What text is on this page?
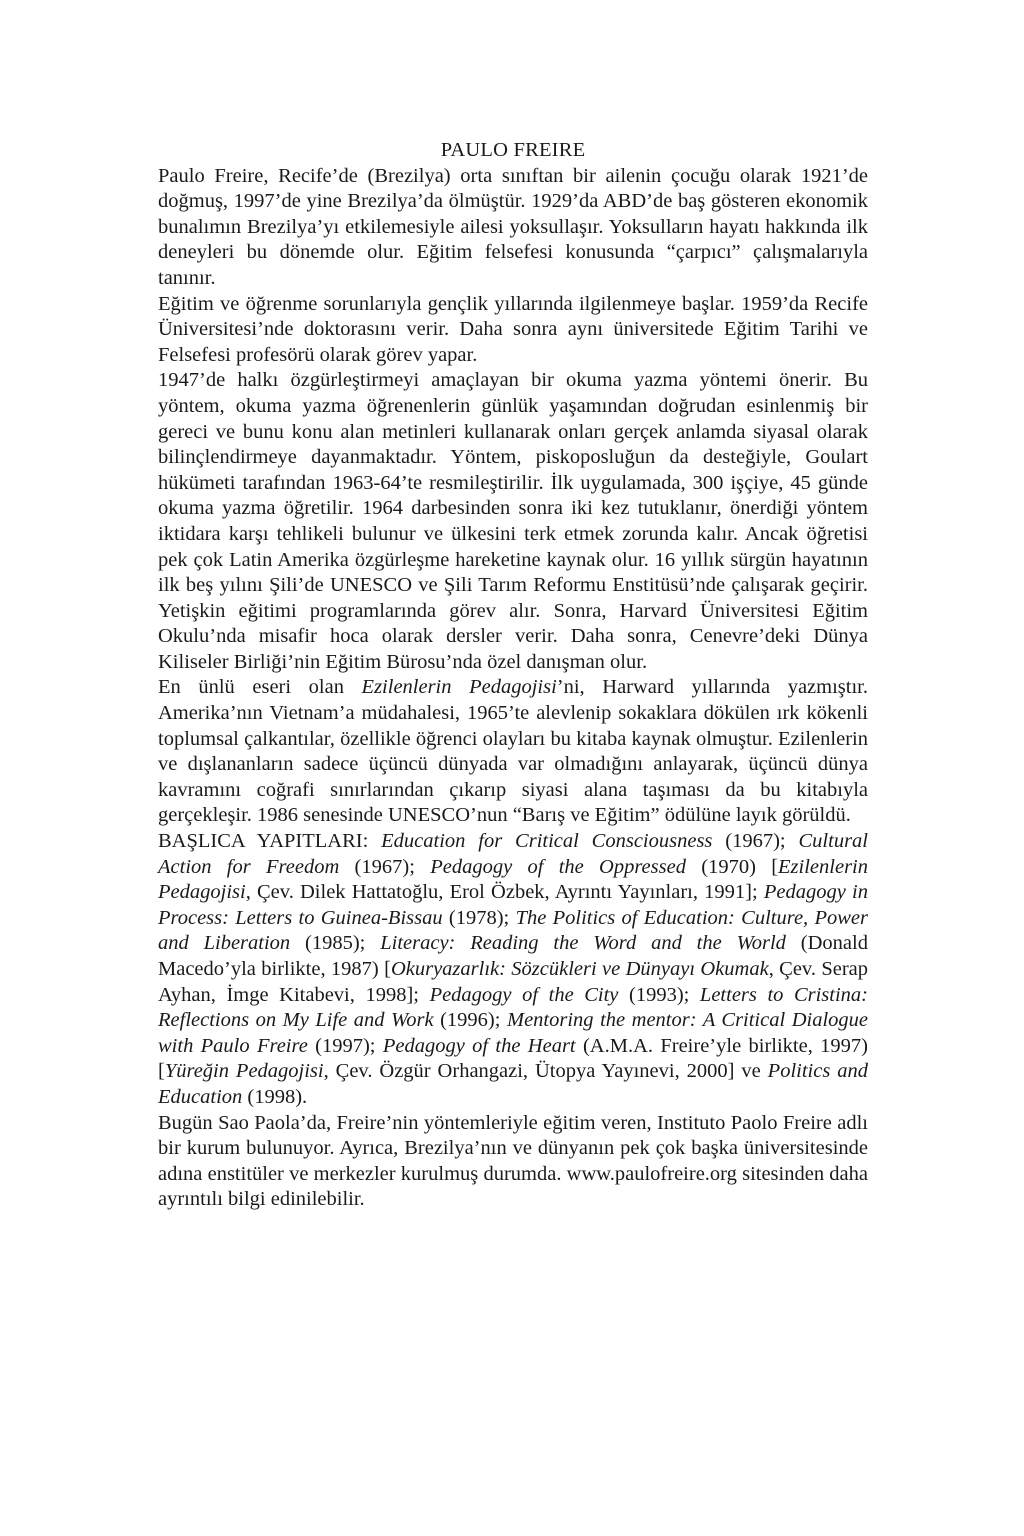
PAULO FREIRE

Paulo Freire, Recife’de (Brezilya) orta sınıftan bir ailenin çocuğu olarak 1921’de doğmuş, 1997’de yine Brezilya’da ölmüştür. 1929’da ABD’de baş gösteren ekonomik bunalımın Brezilya’yı etkilemesiyle ailesi yoksullaşır. Yoksulların hayatı hakkında ilk deneyleri bu dönemde olur. Eğitim felsefesi konusunda “çarpıcı” çalışmalarıyla tanınır.

Eğitim ve öğrenme sorunlarıyla gençlik yıllarında ilgilenmeye başlar. 1959’da Recife Üniversitesi’nde doktorasını verir. Daha sonra aynı üniversitede Eğitim Tarihi ve Felsefesi profesörü olarak görev yapar.

1947’de halkı özgürleştirmeyi amaçlayan bir okuma yazma yöntemi önerir. Bu yöntem, okuma yazma öğrenenlerin günlük yaşamından doğrudan esinlenmiş bir gereci ve bunu konu alan metinleri kullanarak onları gerçek anlamda siyasal olarak bilinçlendirmeye dayanmaktadır. Yöntem, piskoposluğun da desteğiyle, Goulart hükümeti tarafından 1963-64’te resmileştirilir. İlk uygulamada, 300 işçiye, 45 günde okuma yazma öğretilir. 1964 darbesinden sonra iki kez tutuklanır, önerdiği yöntem iktidara karşı tehlikeli bulunur ve ülkesini terk etmek zorunda kalır. Ancak öğretisi pek çok Latin Amerika özgürleşme hareketine kaynak olur. 16 yıllık sürgün hayatının ilk beş yılını Şili’de UNESCO ve Şili Tarım Reformu Enstitüsü’nde çalışarak geçirir. Yetişkin eğitimi programlarında görev alır. Sonra, Harvard Üniversitesi Eğitim Okulu’nda misafir hoca olarak dersler verir. Daha sonra, Cenevre’deki Dünya Kiliseler Birliği’nin Eğitim Bürosu’nda özel danışman olur.

En ünlü eseri olan Ezilenlerin Pedagojisi’ni, Harward yıllarında yazmıştır. Amerika’nın Vietnam’a müdahalesi, 1965’te alevlenip sokaklara dökülen ırk kökenli toplumsal çalkantılar, özellikle öğrenci olayları bu kitaba kaynak olmuştur. Ezilenlerin ve dışlananların sadece üçüncü dünyada var olmadığını anlayarak, üçüncü dünya kavramını coğrafi sınırlarından çıkarıp siyasi alana taşıması da bu kitabıyla gerçekleşir. 1986 senesinde UNESCO’nun “Barış ve Eğitim” ödülüne layık görüldü.

BAŞLICA YAPITLARI: Education for Critical Consciousness (1967); Cultural Action for Freedom (1967); Pedagogy of the Oppressed (1970) [Ezilenlerin Pedagojisi, Çev. Dilek Hattatoğlu, Erol Özbek, Ayrıntı Yayınları, 1991]; Pedagogy in Process: Letters to Guinea-Bissau (1978); The Politics of Education: Culture, Power and Liberation (1985); Literacy: Reading the Word and the World (Donald Macedo’yla birlikte, 1987) [Okuryazarlık: Sözcükleri ve Dünyayı Okumak, Çev. Serap Ayhan, İmge Kitabevi, 1998]; Pedagogy of the City (1993); Letters to Cristina: Reflections on My Life and Work (1996); Mentoring the mentor: A Critical Dialogue with Paulo Freire (1997); Pedagogy of the Heart (A.M.A. Freire’yle birlikte, 1997) [Yüreğin Pedagojisi, Çev. Özgür Orhangazi, Ütopya Yayınevi, 2000] ve Politics and Education (1998).

Bugün Sao Paola’da, Freire’nin yöntemleriyle eğitim veren, Instituto Paolo Freire adlı bir kurum bulunuyor. Ayrıca, Brezilya’nın ve dünyanın pek çok başka üniversitesinde adına enstitüler ve merkezler kurulmuş durumda. www.paulofreire.org sitesinden daha ayrıntılı bilgi edinilebilir.
